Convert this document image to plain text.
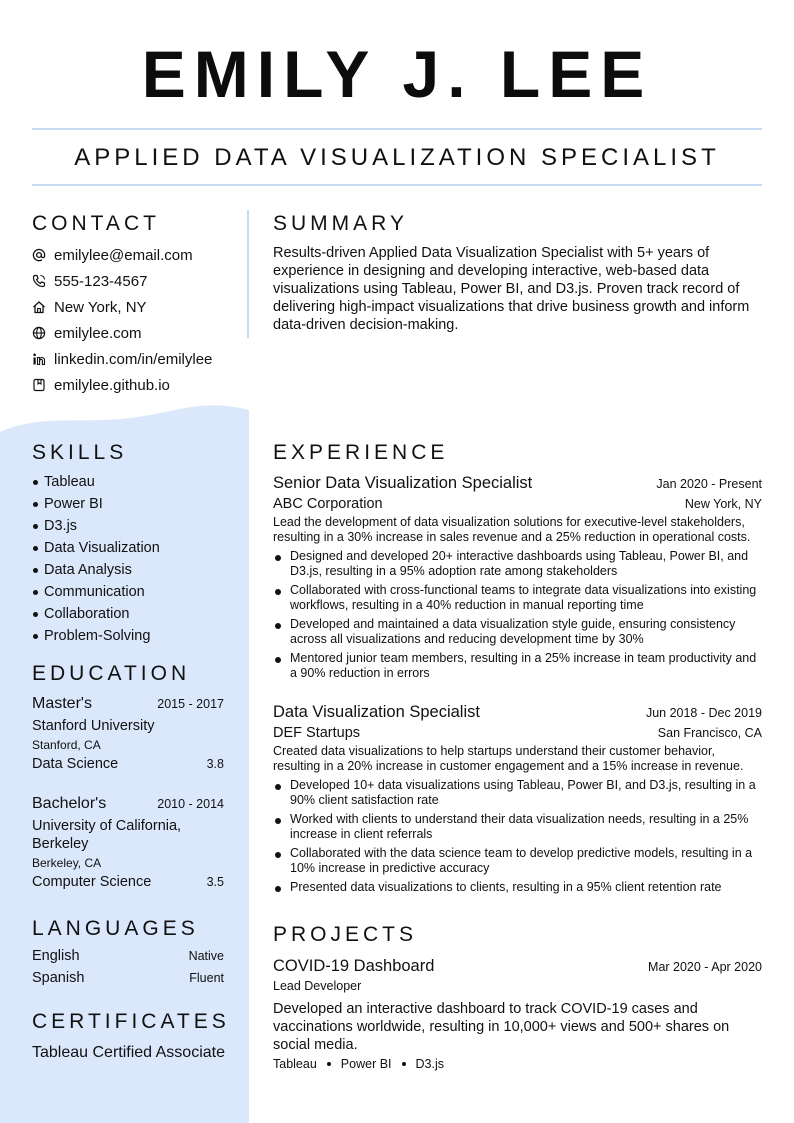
EMILY J. LEE
APPLIED DATA VISUALIZATION SPECIALIST
CONTACT
emilylee@email.com
555-123-4567
New York, NY
emilylee.com
linkedin.com/in/emilylee
emilylee.github.io
SUMMARY

Results-driven Applied Data Visualization Specialist with 5+ years of experience in designing and developing interactive, web-based data visualizations using Tableau, Power BI, and D3.js. Proven track record of delivering high-impact visualizations that drive business growth and inform data-driven decision-making.

SKILLS
Tableau
Power BI
D3.js
Data Visualization
Data Analysis
Communication
Collaboration
Problem-Solving
EDUCATION
Master's	2015 - 2017
Stanford University
Stanford, CA
Data Science	3.8
Bachelor's	2010 - 2014
University of California, Berkeley
Berkeley, CA
Computer Science	3.5
LANGUAGES
English	Native
Spanish	Fluent
CERTIFICATES
Tableau Certified Associate
EXPERIENCE
Senior Data Visualization Specialist	Jan 2020 - Present
ABC Corporation	New York, NY
Lead the development of data visualization solutions for executive-level stakeholders, resulting in a 30% increase in sales revenue and a 25% reduction in operational costs.
Designed and developed 20+ interactive dashboards using Tableau, Power BI, and D3.js, resulting in a 95% adoption rate among stakeholders
Collaborated with cross-functional teams to integrate data visualizations into existing workflows, resulting in a 40% reduction in manual reporting time
Developed and maintained a data visualization style guide, ensuring consistency across all visualizations and reducing development time by 30%
Mentored junior team members, resulting in a 25% increase in team productivity and a 90% reduction in errors
Data Visualization Specialist	Jun 2018 - Dec 2019
DEF Startups	San Francisco, CA
Created data visualizations to help startups understand their customer behavior, resulting in a 20% increase in customer engagement and a 15% increase in revenue.
Developed 10+ data visualizations using Tableau, Power BI, and D3.js, resulting in a 90% client satisfaction rate
Worked with clients to understand their data visualization needs, resulting in a 25% increase in client referrals
Collaborated with the data science team to develop predictive models, resulting in a 10% increase in predictive accuracy
Presented data visualizations to clients, resulting in a 95% client retention rate
PROJECTS
COVID-19 Dashboard	Mar 2020 - Apr 2020
Lead Developer
Developed an interactive dashboard to track COVID-19 cases and vaccinations worldwide, resulting in 10,000+ views and 500+ shares on social media.
Tableau Power BI D3.js
